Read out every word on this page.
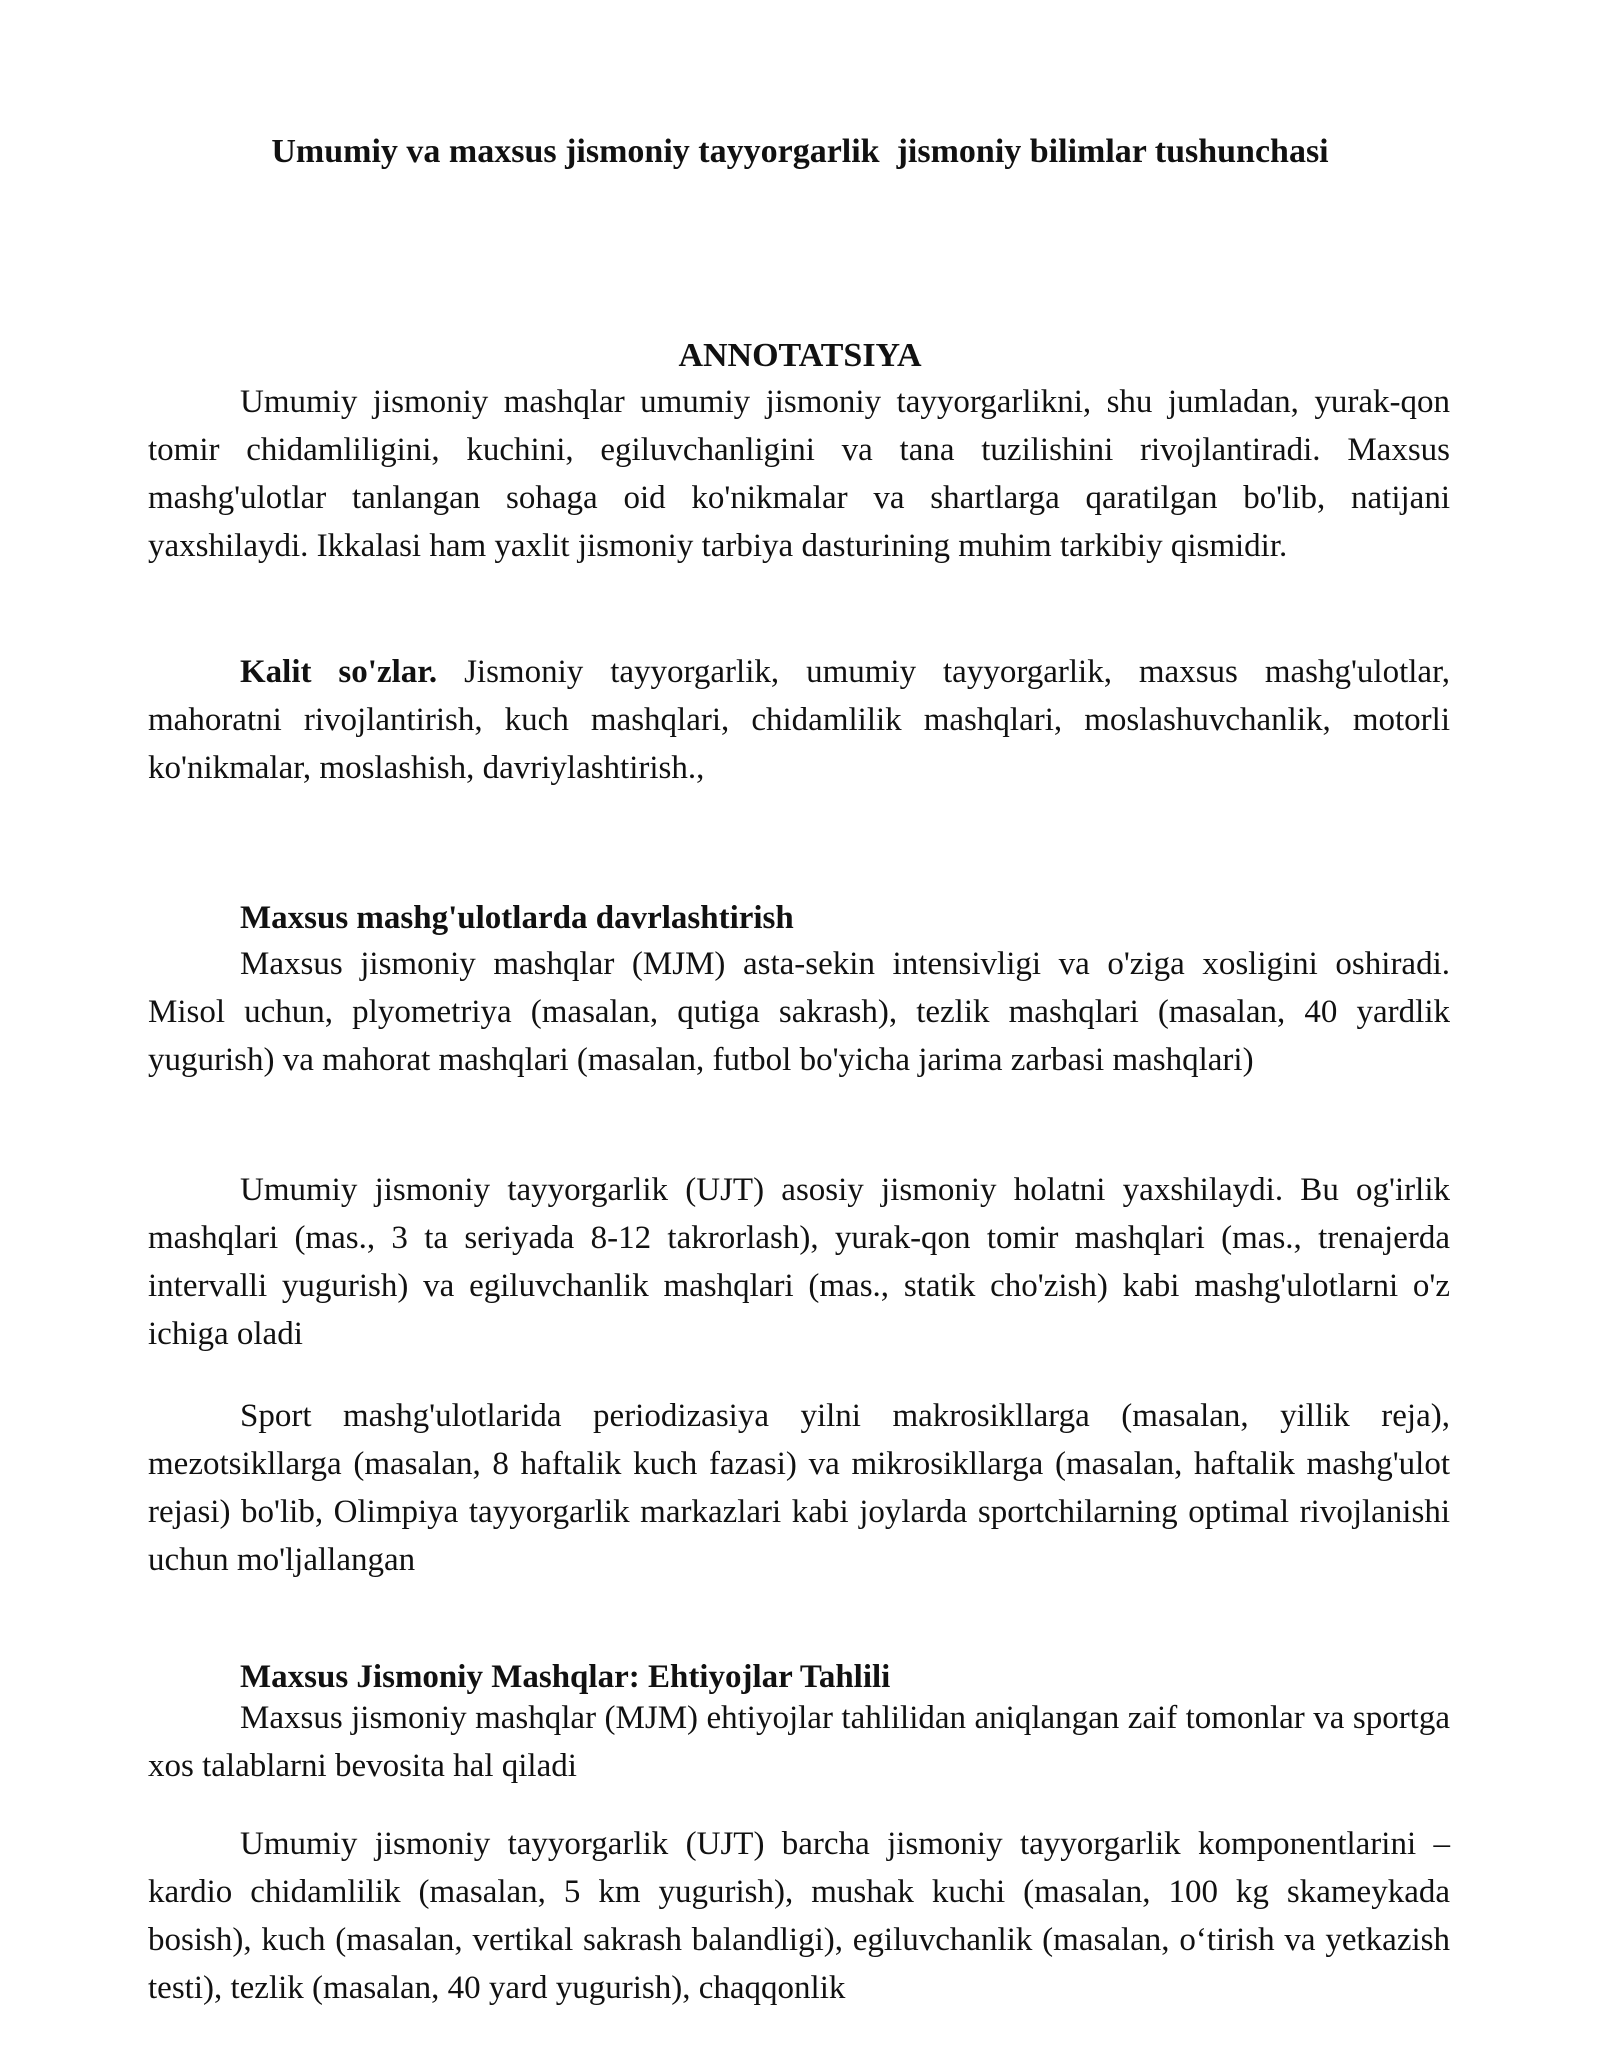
Umumiy va maxsus jismoniy tayyorgarlik  jismoniy bilimlar tushunchasi
ANNOTATSIYA

Umumiy jismoniy mashqlar umumiy jismoniy tayyorgarlikni, shu jumladan, yurak-qon tomir chidamliligini, kuchini, egiluvchanligini va tana tuzilishini rivojlantiradi. Maxsus mashg'ulotlar tanlangan sohaga oid ko'nikmalar va shartlarga qaratilgan bo'lib, natijani yaxshilaydi. Ikkalasi ham yaxlit jismoniy tarbiya dasturining muhim tarkibiy qismidir.

Kalit so'zlar. Jismoniy tayyorgarlik, umumiy tayyorgarlik, maxsus mashg'ulotlar, mahoratni rivojlantirish, kuch mashqlari, chidamlilik mashqlari, moslashuvchanlik, motorli ko'nikmalar, moslashish, davriylashtirish.,

Maxsus mashg'ulotlarda davrlashtirish

Maxsus jismoniy mashqlar (MJM) asta-sekin intensivligi va o'ziga xosligini oshiradi. Misol uchun, plyometriya (masalan, qutiga sakrash), tezlik mashqlari (masalan, 40 yardlik yugurish) va mahorat mashqlari (masalan, futbol bo'yicha jarima zarbasi mashqlari)

Umumiy jismoniy tayyorgarlik (UJT) asosiy jismoniy holatni yaxshilaydi. Bu og'irlik mashqlari (mas., 3 ta seriyada 8-12 takrorlash), yurak-qon tomir mashqlari (mas., trenajerda intervalli yugurish) va egiluvchanlik mashqlari (mas., statik cho'zish) kabi mashg'ulotlarni o'z ichiga oladi

Sport mashg'ulotlarida periodizasiya yilni makrosikllarga (masalan, yillik reja), mezotsikllarga (masalan, 8 haftalik kuch fazasi) va mikrosikllarga (masalan, haftalik mashg'ulot rejasi) bo'lib, Olimpiya tayyorgarlik markazlari kabi joylarda sportchilarning optimal rivojlanishi uchun mo'ljallangan

Maxsus Jismoniy Mashqlar: Ehtiyojlar Tahlili

Maxsus jismoniy mashqlar (MJM) ehtiyojlar tahlilidan aniqlangan zaif tomonlar va sportga xos talablarni bevosita hal qiladi

Umumiy jismoniy tayyorgarlik (UJT) barcha jismoniy tayyorgarlik komponentlarini – kardio chidamlilik (masalan, 5 km yugurish), mushak kuchi (masalan, 100 kg skameykada bosish), kuch (masalan, vertikal sakrash balandligi), egiluvchanlik (masalan, o‘tirish va yetkazish testi), tezlik (masalan, 40 yard yugurish), chaqqonlik
